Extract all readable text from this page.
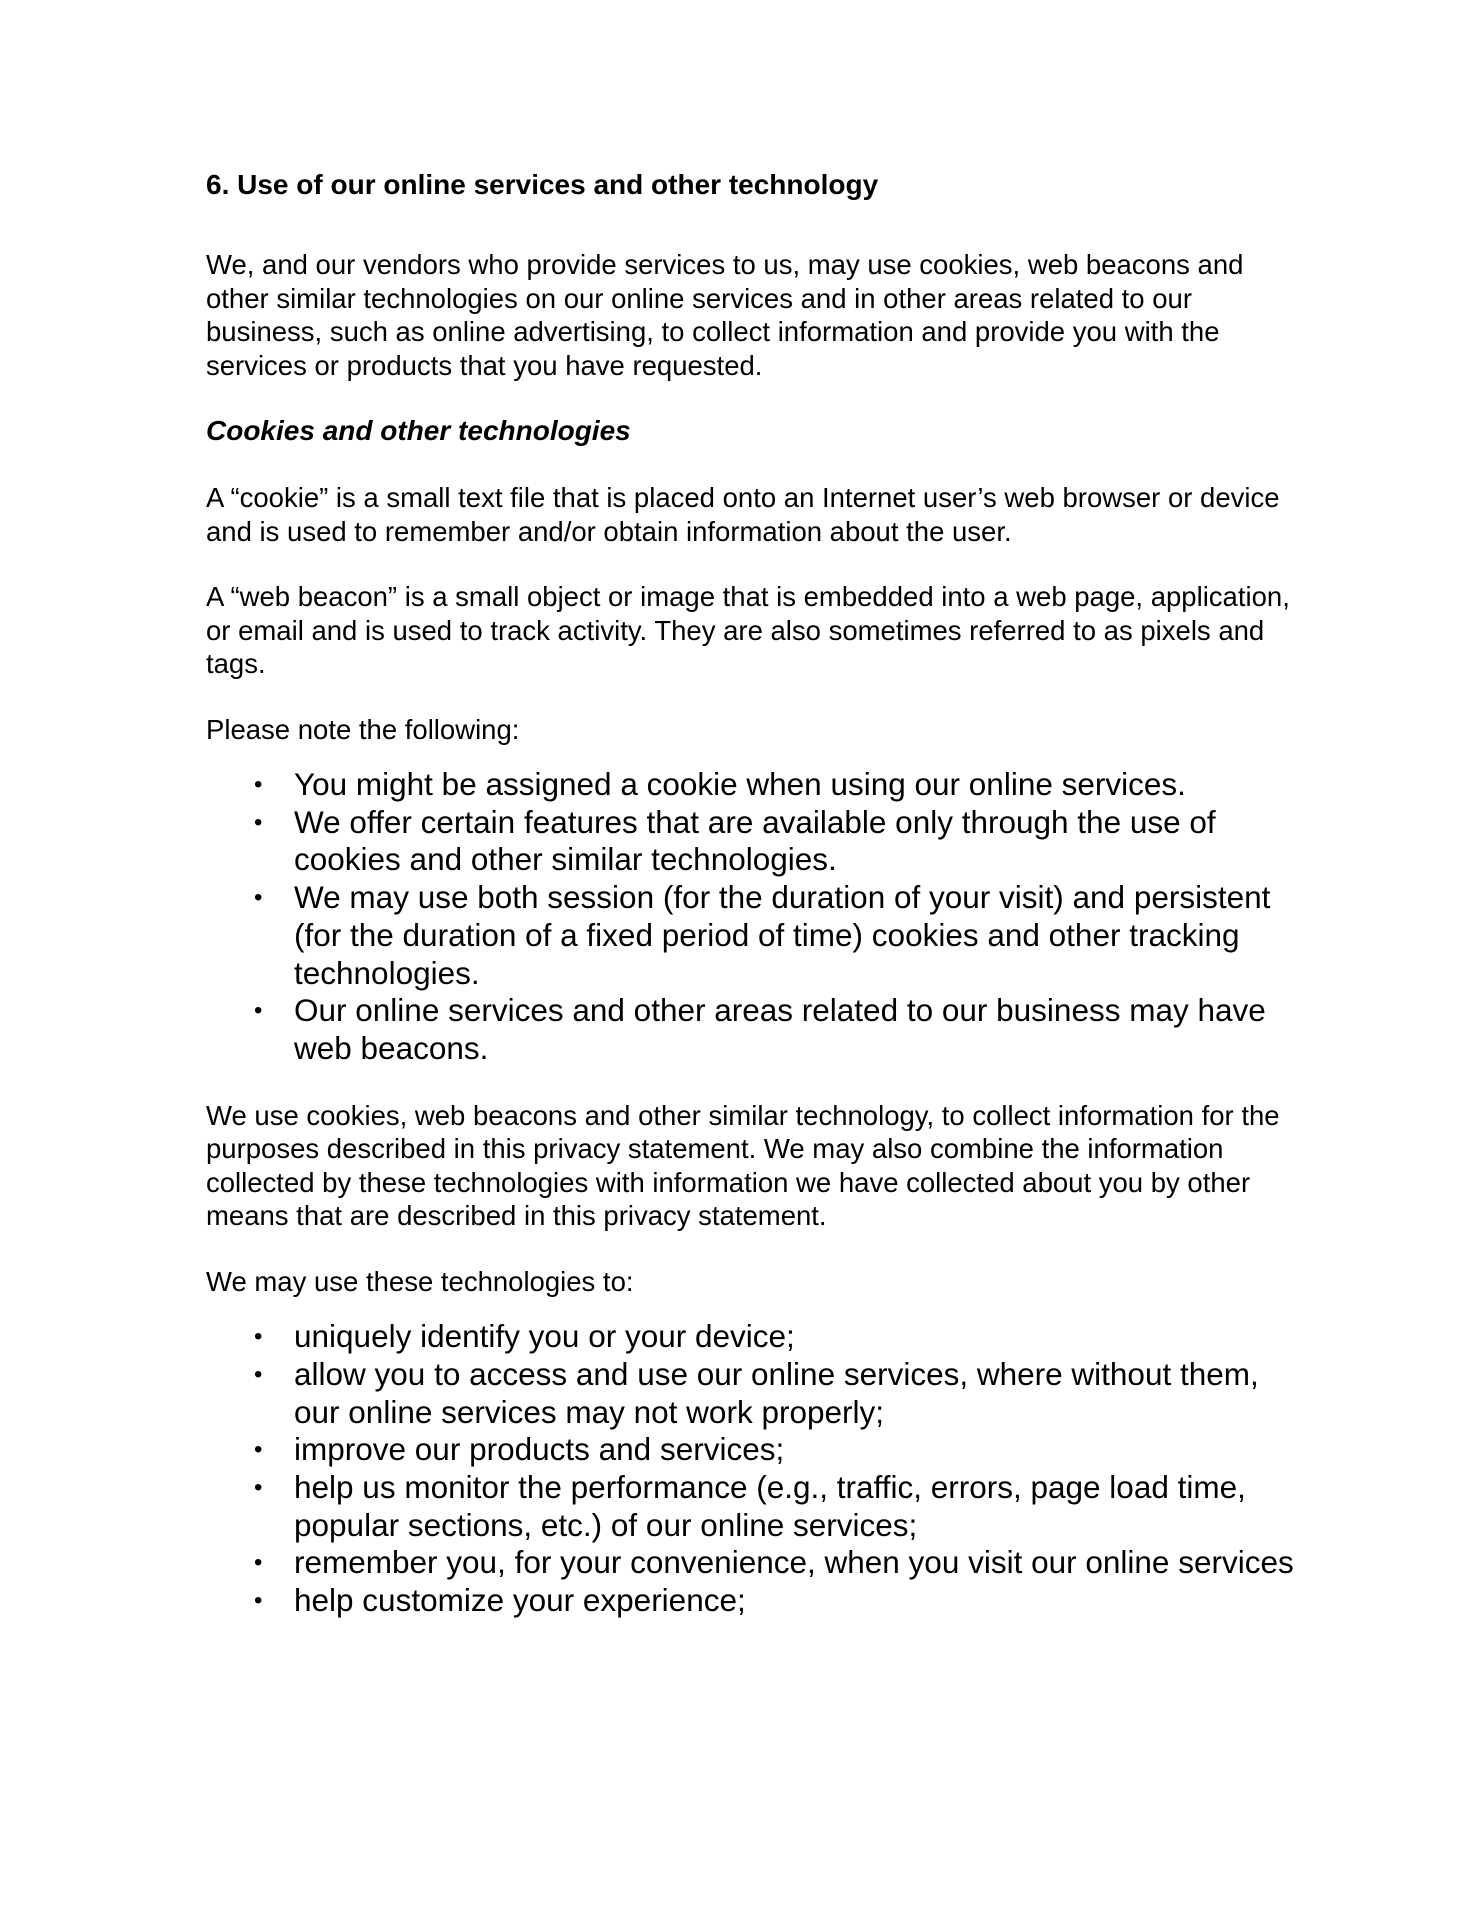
6. Use of our online services and other technology

We, and our vendors who provide services to us, may use cookies, web beacons and other similar technologies on our online services and in other areas related to our business, such as online advertising, to collect information and provide you with the services or products that you have requested.

Cookies and other technologies

A “cookie” is a small text file that is placed onto an Internet user’s web browser or device and is used to remember and/or obtain information about the user.

A “web beacon” is a small object or image that is embedded into a web page, application, or email and is used to track activity. They are also sometimes referred to as pixels and tags.

Please note the following:

• You might be assigned a cookie when using our online services.
• We offer certain features that are available only through the use of cookies and other similar technologies.
• We may use both session (for the duration of your visit) and persistent (for the duration of a fixed period of time) cookies and other tracking technologies.
• Our online services and other areas related to our business may have web beacons.

We use cookies, web beacons and other similar technology, to collect information for the purposes described in this privacy statement. We may also combine the information collected by these technologies with information we have collected about you by other means that are described in this privacy statement.

We may use these technologies to:

• uniquely identify you or your device;
• allow you to access and use our online services, where without them, our online services may not work properly;
• improve our products and services;
• help us monitor the performance (e.g., traffic, errors, page load time, popular sections, etc.) of our online services;
• remember you, for your convenience, when you visit our online services
• help customize your experience;
